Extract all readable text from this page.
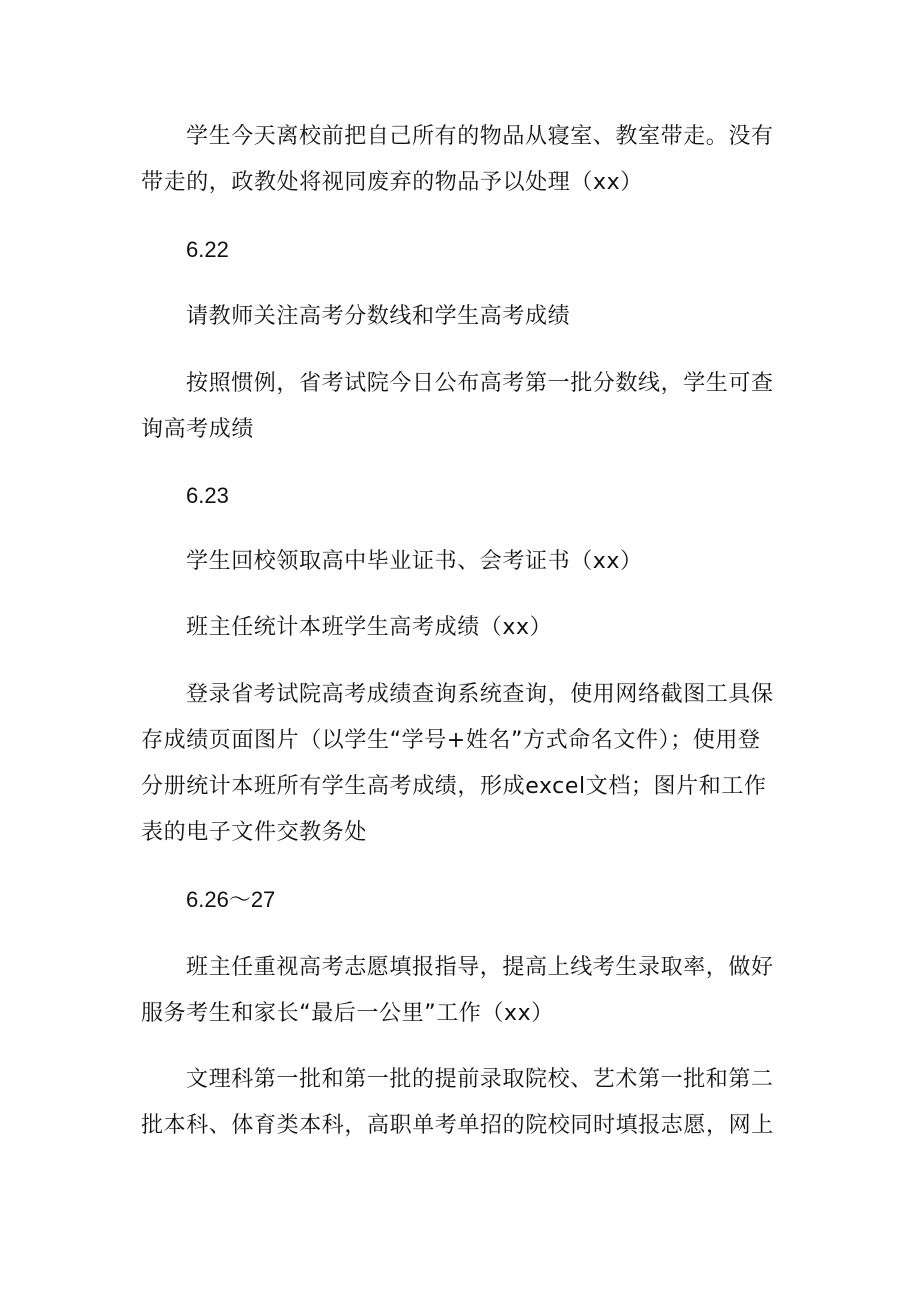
学生今天离校前把自己所有的物品从寝室、教室带走。没有带走的，政教处将视同废弃的物品予以处理（xx）

6.22

请教师关注高考分数线和学生高考成绩

按照惯例，省考试院今日公布高考第一批分数线，学生可查询高考成绩

6.23

学生回校领取高中毕业证书、会考证书（xx）

班主任统计本班学生高考成绩（xx）

登录省考试院高考成绩查询系统查询，使用网络截图工具保存成绩页面图片（以学生“学号+姓名”方式命名文件）；使用登分册统计本班所有学生高考成绩，形成excel文档；图片和工作表的电子文件交教务处

6.26～27

班主任重视高考志愿填报指导，提高上线考生录取率，做好服务考生和家长“最后一公里”工作（xx）

文理科第一批和第一批的提前录取院校、艺术第一批和第二批本科、体育类本科，高职单考单招的院校同时填报志愿，网上
